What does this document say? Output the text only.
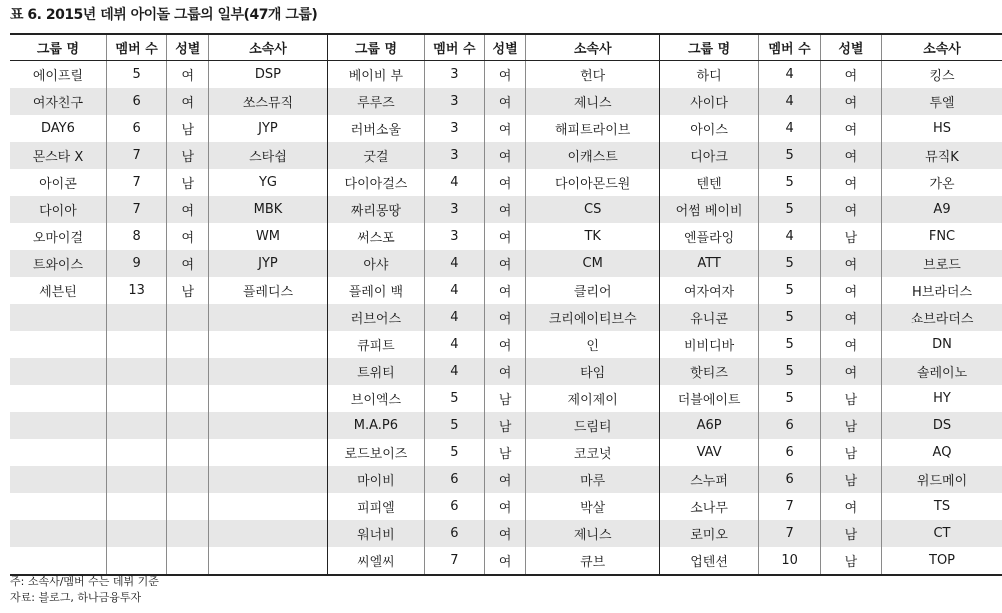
표 6. 2015년 데뷔 아이돌 그룹의 일부(47개 그룹)
그룹 명	멤버 수	성별	소속사	그룹 명	멤버 수	성별	소속사	그룹 명	멤버 수	성별	소속사
에이프릴	5	여	DSP	베이비 부	3	여	헌다	하디	4	여	킹스
여자친구	6	여	쏘스뮤직	루루즈	3	여	제니스	사이다	4	여	투엘
DAY6	6	남	JYP	러버소울	3	여	해피트라이브	아이스	4	여	HS
몬스타 X	7	남	스타쉽	굿걸	3	여	이캐스트	디아크	5	여	뮤직K
아이콘	7	남	YG	다이아걸스	4	여	다이아몬드원	텐텐	5	여	가온
다이아	7	여	MBK	짜리몽땅	3	여	CS	어썸 베이비	5	여	A9
오마이걸	8	여	WM	써스포	3	여	TK	엔플라잉	4	남	FNC
트와이스	9	여	JYP	아샤	4	여	CM	ATT	5	여	브로드
세븐틴	13	남	플레디스	플레이 백	4	여	클리어	여자여자	5	여	H브라더스
				러브어스	4	여	크리에이티브수	유니콘	5	여	쇼브라더스
				큐피트	4	여	인	비비디바	5	여	DN
				트위티	4	여	타임	핫티즈	5	여	솔레이노
				브이엑스	5	남	제이제이	더블에이트	5	남	HY
				M.A.P6	5	남	드림티	A6P	6	남	DS
				로드보이즈	5	남	코코넛	VAV	6	남	AQ
				마이비	6	여	마루	스누퍼	6	남	위드메이
				피피엘	6	여	박살	소나무	7	여	TS
				워너비	6	여	제니스	로미오	7	남	CT
				씨엘씨	7	여	큐브	업텐션	10	남	TOP
주: 소속사/멤버 수는 데뷔 기준
자료: 블로그, 하나금융투자
